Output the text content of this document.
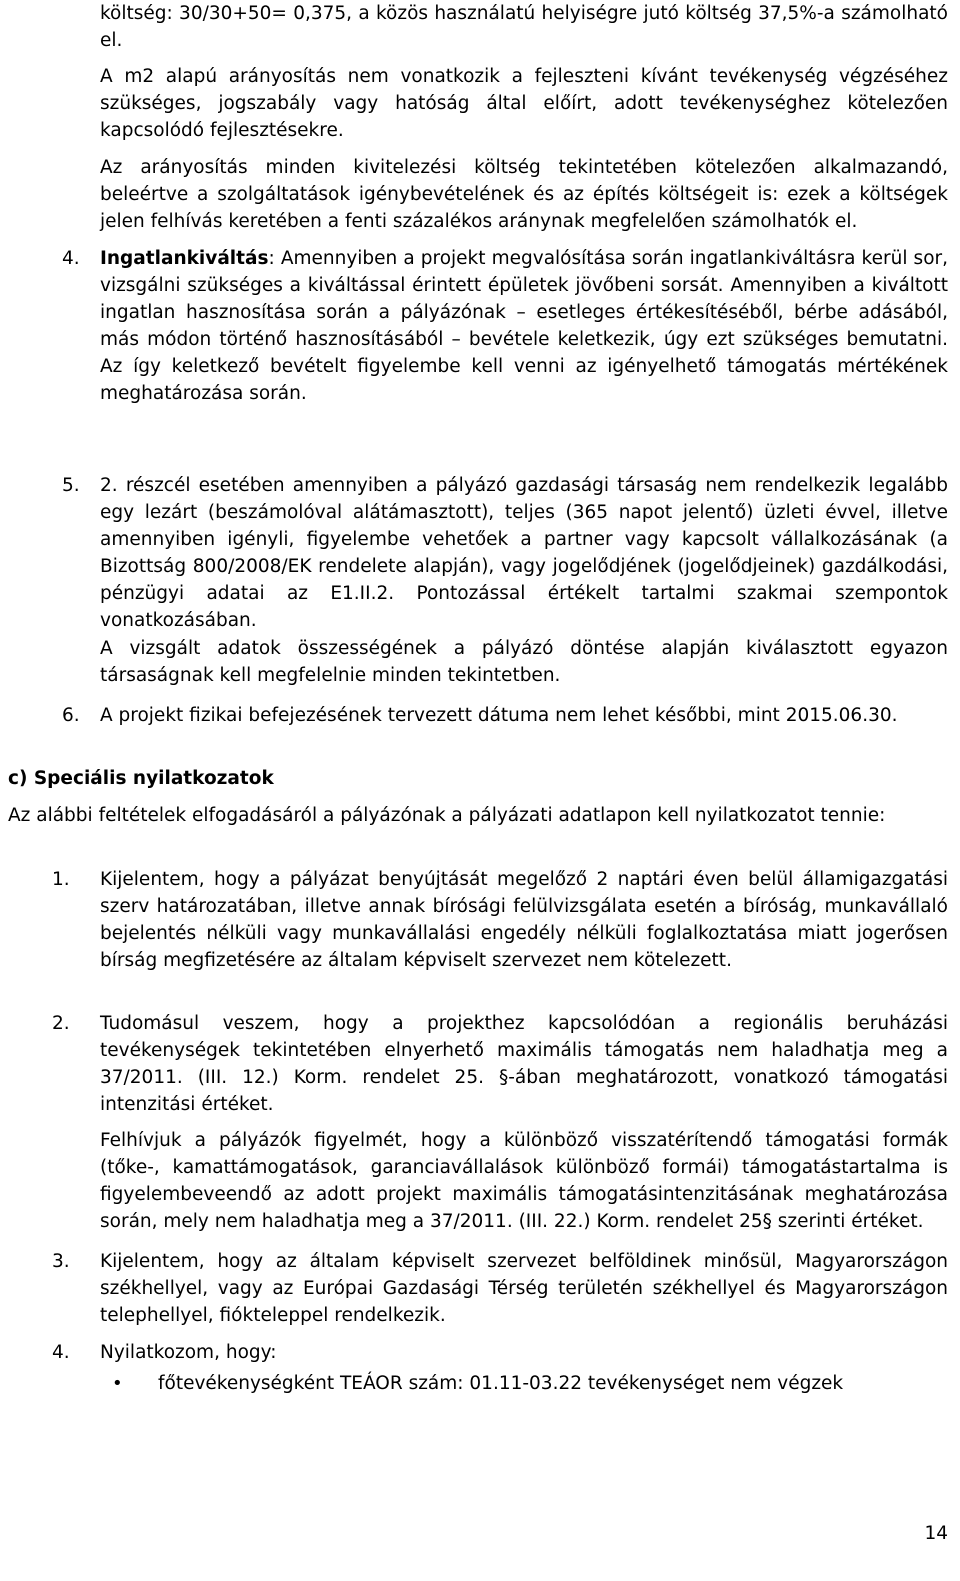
költség: 30/30+50= 0,375, a közös használatú helyiségre jutó költség 37,5%-a számolható el.

A m2 alapú arányosítás nem vonatkozik a fejleszteni kívánt tevékenység végzéséhez szükséges, jogszabály vagy hatóság által előírt, adott tevékenységhez kötelezően kapcsolódó fejlesztésekre.

Az arányosítás minden kivitelezési költség tekintetében kötelezően alkalmazandó, beleértve a szolgáltatások igénybevételének és az építés költségeit is: ezek a költségek jelen felhívás keretében a fenti százalékos aránynak megfelelően számolhatók el.

4. Ingatlankiváltás: Amennyiben a projekt megvalósítása során ingatlankiváltásra kerül sor, vizsgálni szükséges a kiváltással érintett épületek jövőbeni sorsát. Amennyiben a kiváltott ingatlan hasznosítása során a pályázónak – esetleges értékesítéséből, bérbe adásából, más módon történő hasznosításából – bevétele keletkezik, úgy ezt szükséges bemutatni. Az így keletkező bevételt figyelembe kell venni az igényelhető támogatás mértékének meghatározása során.

5. 2. részcél esetében amennyiben a pályázó gazdasági társaság nem rendelkezik legalább egy lezárt (beszámolóval alátámasztott), teljes (365 napot jelentő) üzleti évvel, illetve amennyiben igényli, figyelembe vehetőek a partner vagy kapcsolt vállalkozásának (a Bizottság 800/2008/EK rendelete alapján), vagy jogelődjének (jogelődjeinek) gazdálkodási, pénzügyi adatai az E1.II.2. Pontozással értékelt tartalmi szakmai szempontok vonatkozásában.

A vizsgált adatok összességének a pályázó döntése alapján kiválasztott egyazon társaságnak kell megfelelnie minden tekintetben.

6. A projekt fizikai befejezésének tervezett dátuma nem lehet későbbi, mint 2015.06.30.

c) Speciális nyilatkozatok

Az alábbi feltételek elfogadásáról a pályázónak a pályázati adatlapon kell nyilatkozatot tennie:

1. Kijelentem, hogy a pályázat benyújtását megelőző 2 naptári éven belül államigazgatási szerv határozatában, illetve annak bírósági felülvizsgálata esetén a bíróság, munkavállaló bejelentés nélküli vagy munkavállalási engedély nélküli foglalkoztatása miatt jogerősen bírság megfizetésére az általam képviselt szervezet nem kötelezett.

2. Tudomásul veszem, hogy a projekthez kapcsolódóan a regionális beruházási tevékenységek tekintetében elnyerhető maximális támogatás nem haladhatja meg a 37/2011. (III. 12.) Korm. rendelet 25. §-ában meghatározott, vonatkozó támogatási intenzitási értéket.

Felhívjuk a pályázók figyelmét, hogy a különböző visszatérítendő támogatási formák (tőke-, kamattámogatások, garanciavállalások különböző formái) támogatástartalma is figyelembeveendő az adott projekt maximális támogatásintenzitásának meghatározása során, mely nem haladhatja meg a 37/2011. (III. 22.) Korm. rendelet 25§ szerinti értéket.

3. Kijelentem, hogy az általam képviselt szervezet belföldinek minősül, Magyarországon székhellyel, vagy az Európai Gazdasági Térség területén székhellyel és Magyarországon telephellyel, fióktelеppel rendelkezik.

4. Nyilatkozom, hogy:

• főtevékenységként TEÁOR szám: 01.11-03.22 tevékenységet nem végzek

14
